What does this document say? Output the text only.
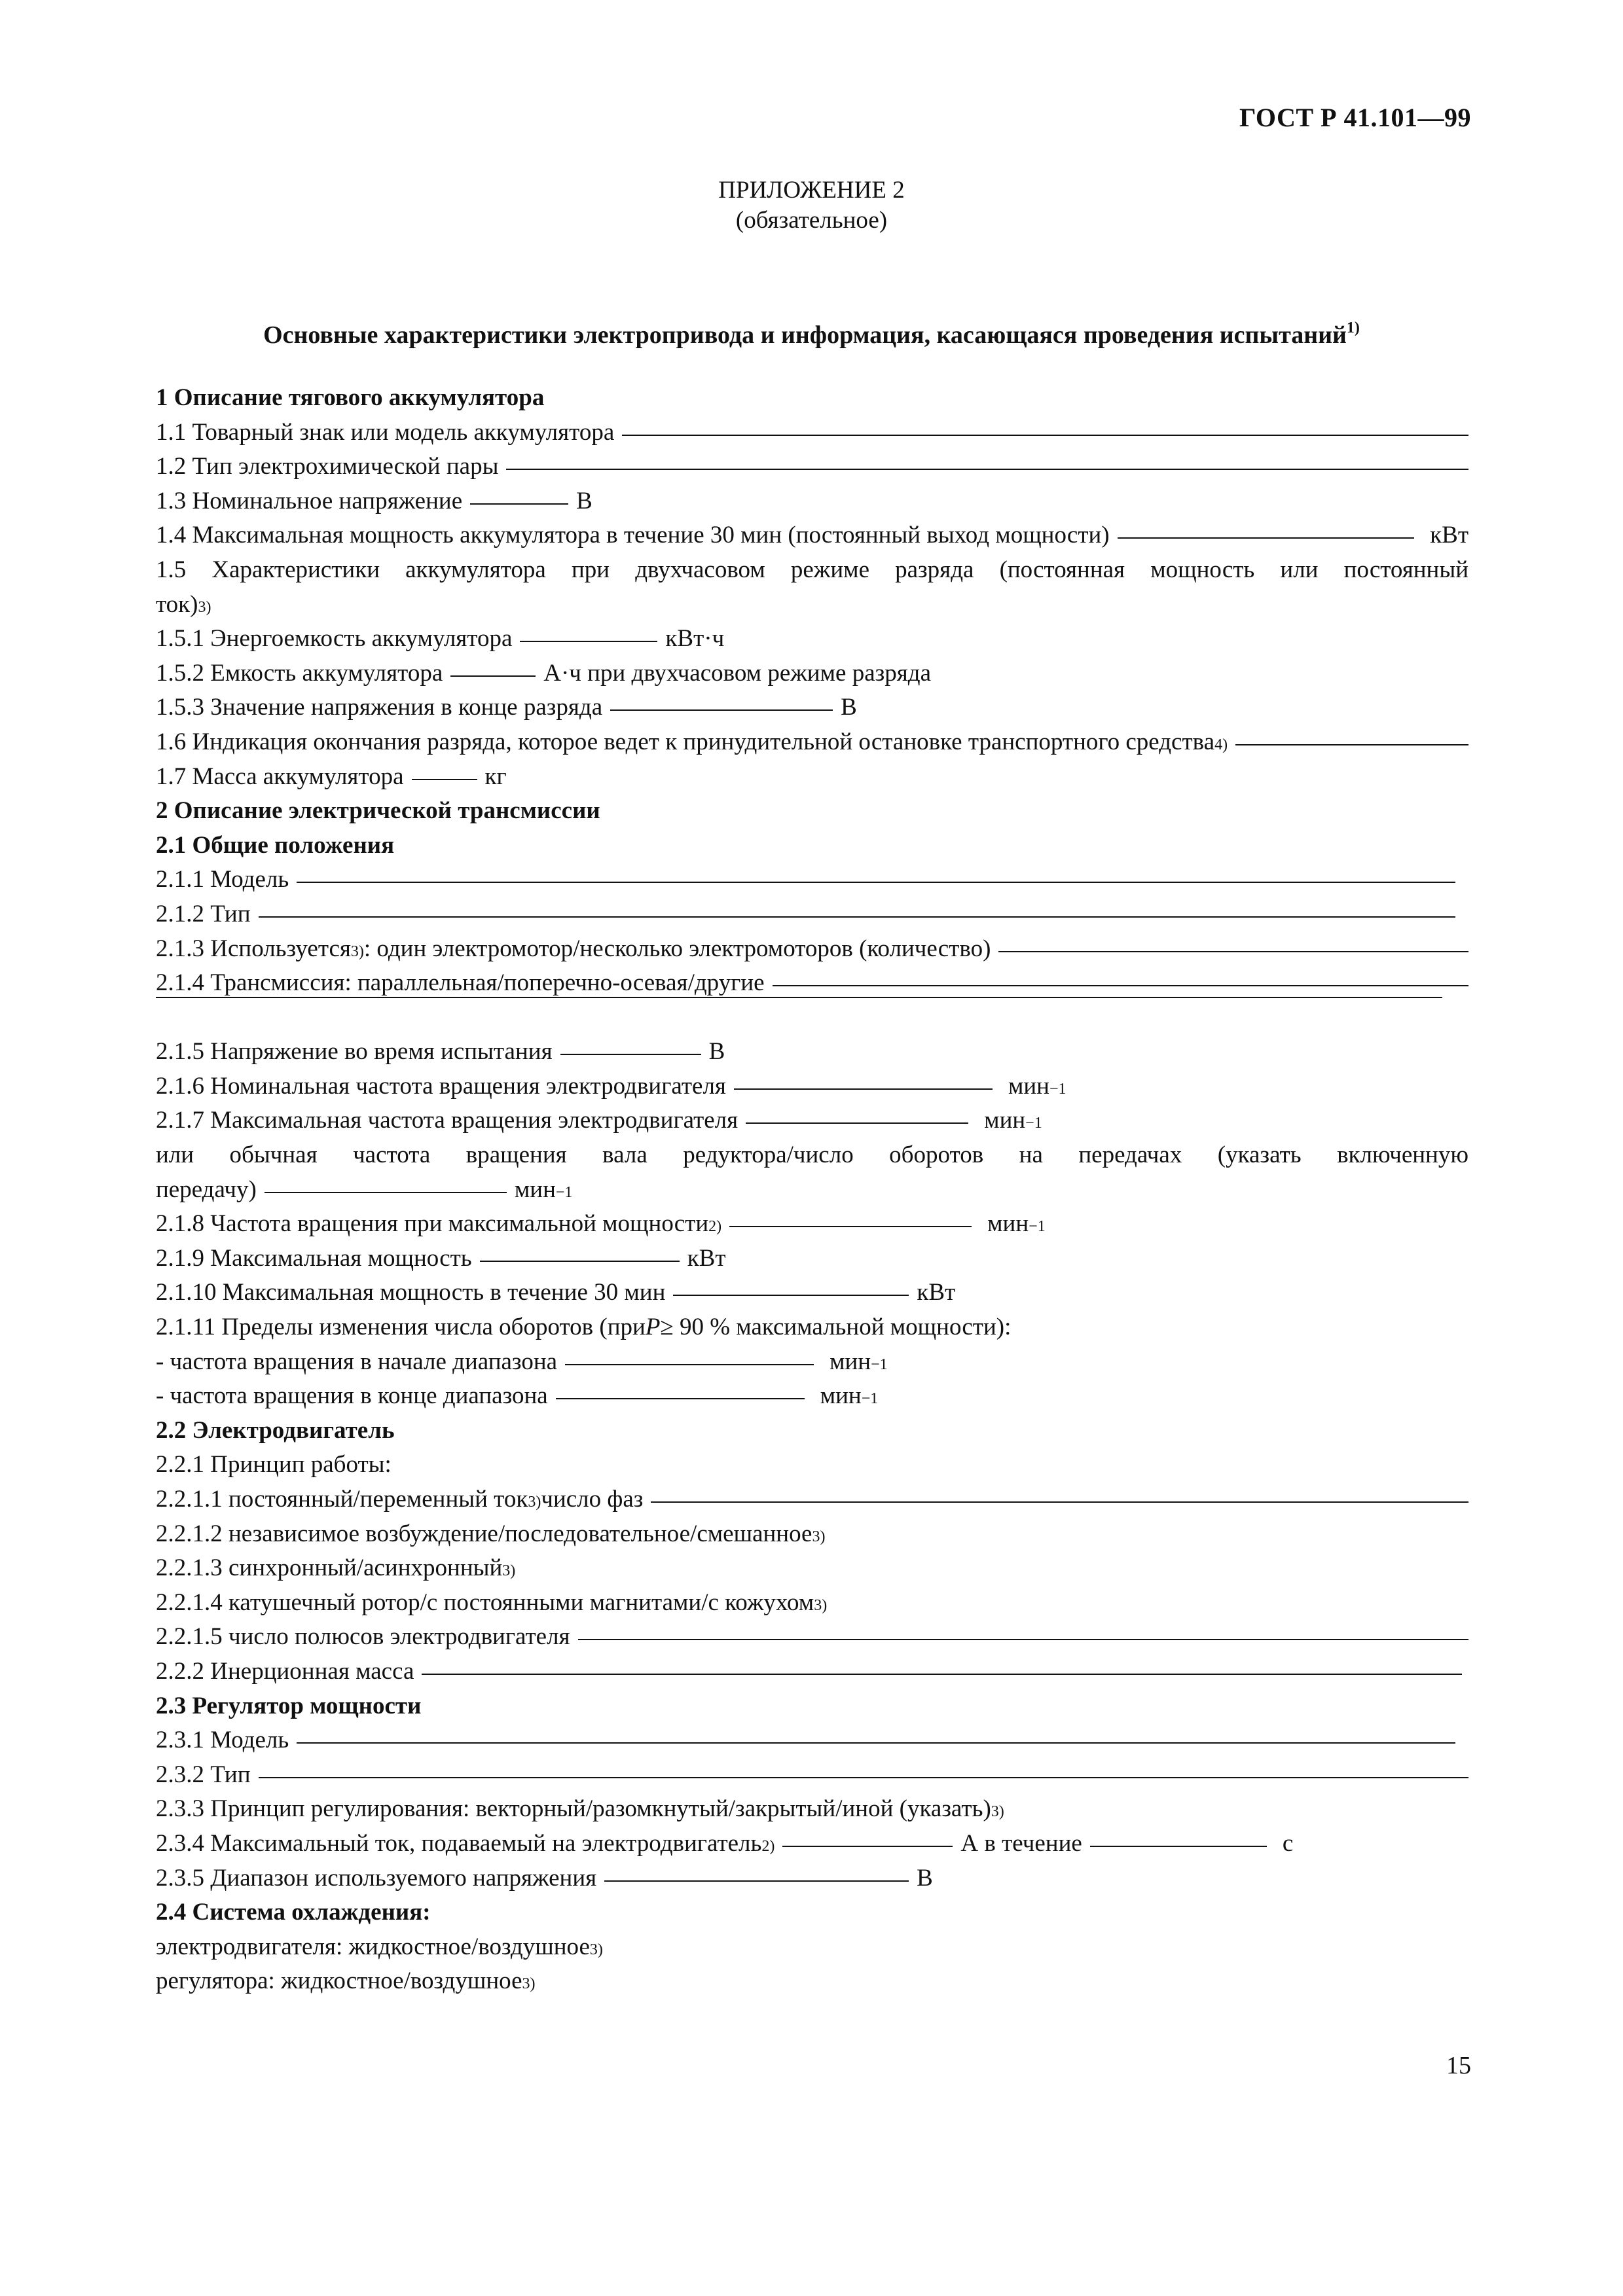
ГОСТ Р 41.101—99
ПРИЛОЖЕНИЕ 2
(обязательное)
Основные характеристики электропривода и информация, касающаяся проведения испытаний$^{1)}$
1 Описание тягового аккумулятора
1.1 Товарный знак или модель аккумулятора
1.2 Тип электрохимической пары
1.3 Номинальное напряжение	В
1.4 Максимальная мощность аккумулятора в течение 30 мин (постоянный выход мощности)	кВт
1.5 Характеристики аккумулятора при двухчасовом режиме разряда (постоянная мощность или постоянный
ток) 3)
1.5.1 Энергоемкость аккумулятора	кВт·ч
1.5.2 Емкость аккумулятора	А·ч при двухчасовом режиме разряда
1.5.3 Значение напряжения в конце разряда	В
1.6 Индикация окончания разряда, которое ведет к принудительной остановке транспортного средства 4)
1.7 Масса аккумулятора	кг
2 Описание электрической трансмиссии
2.1 Общие положения
2.1.1 Модель
2.1.2 Тип
2.1.3 Используется 3) : один электромотор/несколько электромоторов (количество)
2.1.4 Трансмиссия: параллельная/поперечно-осевая/другие
2.1.5 Напряжение во время испытания	В
2.1.6 Номинальная частота вращения электродвигателя	мин −1
2.1.7 Максимальная частота вращения электродвигателя	мин −1
или обычная частота вращения вала редуктора/число оборотов на передачах (указать включенную
передачу)	мин −1
2.1.8 Частота вращения при максимальной мощности 2)	мин −1
2.1.9 Максимальная мощность	кВт
2.1.10 Максимальная мощность в течение 30 мин	кВт
2.1.11 Пределы изменения числа оборотов (при P ≥ 90 % максимальной мощности):
- частота вращения в начале диапазона	мин −1
- частота вращения в конце диапазона	мин −1
2.2 Электродвигатель
2.2.1 Принцип работы:
2.2.1.1 постоянный/переменный ток 3) число фаз
2.2.1.2 независимое возбуждение/последовательное/смешанное 3)
2.2.1.3 синхронный/асинхронный 3)
2.2.1.4 катушечный ротор/с постоянными магнитами/с кожухом 3)
2.2.1.5 число полюсов электродвигателя
2.2.2 Инерционная масса
2.3 Регулятор мощности
2.3.1 Модель
2.3.2 Тип
2.3.3 Принцип регулирования: векторный/разомкнутый/закрытый/иной (указать) 3)
2.3.4 Максимальный ток, подаваемый на электродвигатель 2)	А в течение	с
2.3.5 Диапазон используемого напряжения	В
2.4 Система охлаждения:
электродвигателя: жидкостное/воздушное 3)
регулятора: жидкостное/воздушное 3)
15
